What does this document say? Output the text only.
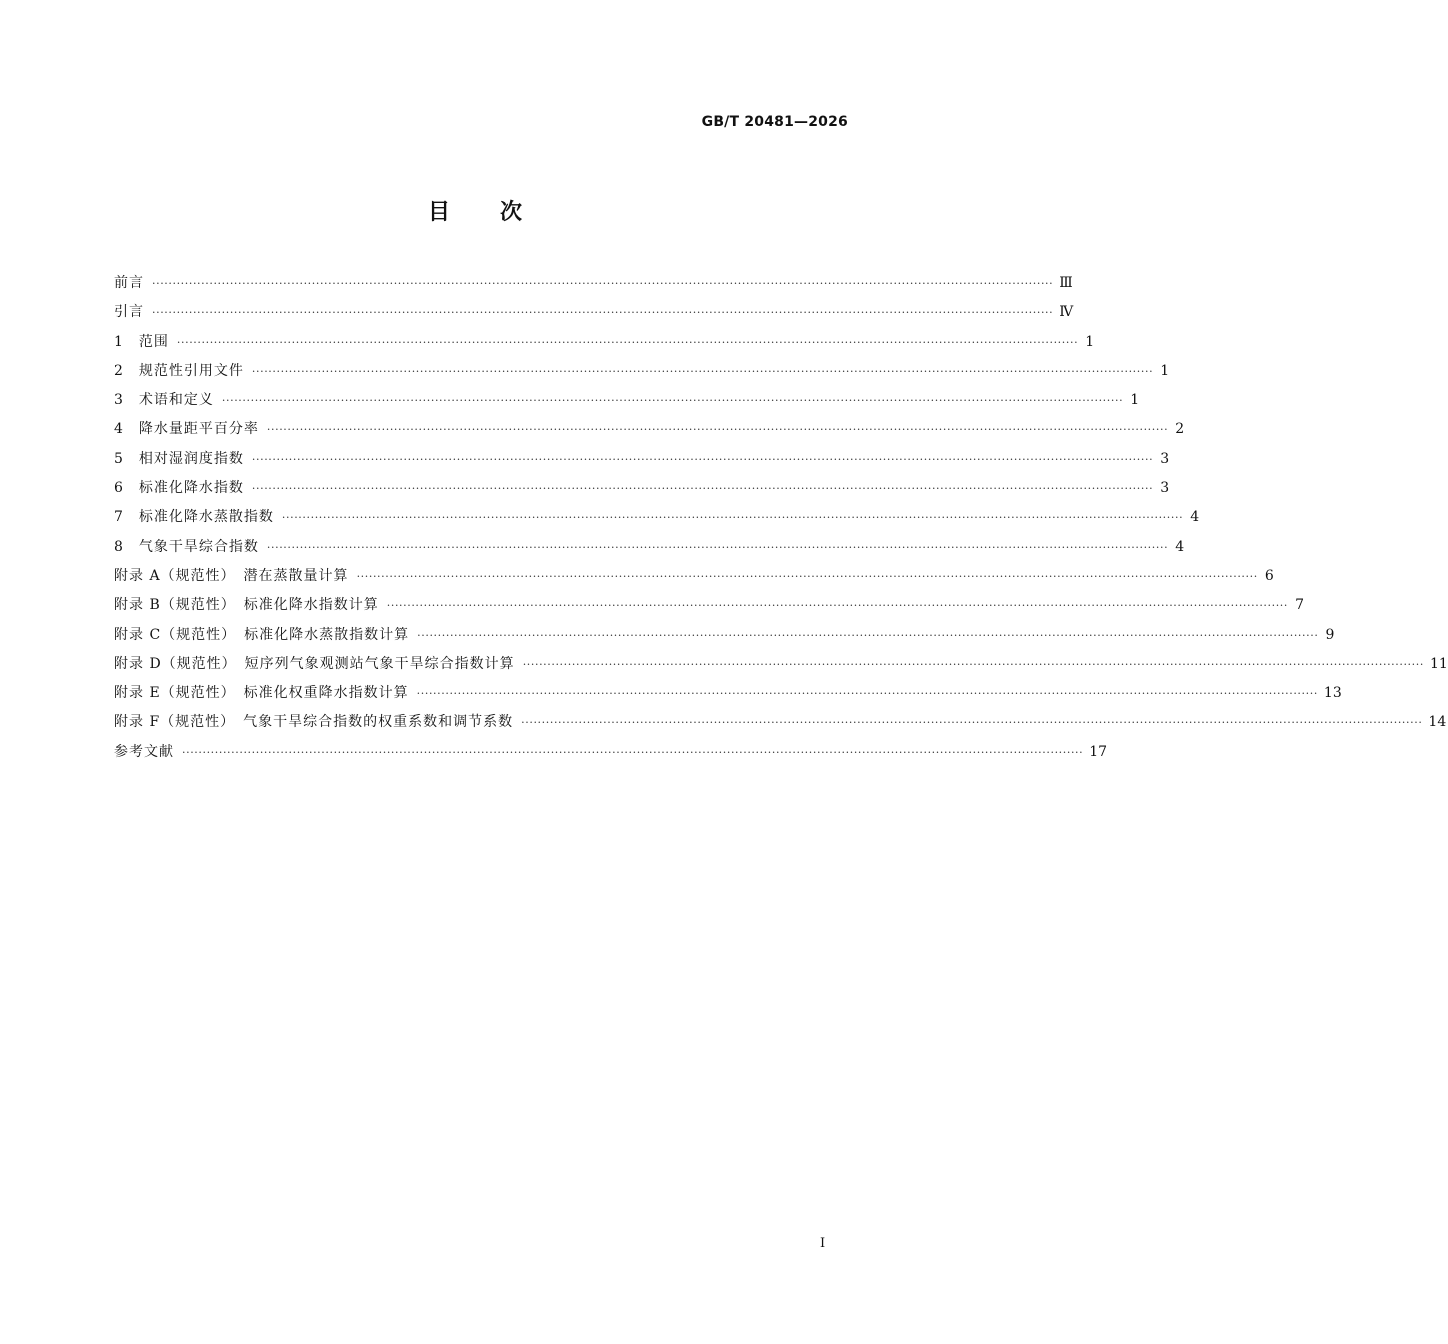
GB/T 20481—2026
目次
前言 ···························································································································································································································· Ⅲ
引言 ···························································································································································································································· Ⅳ
1　范围 ···························································································································································································································· 1
2　规范性引用文件 ···························································································································································································································· 1
3　术语和定义 ···························································································································································································································· 1
4　降水量距平百分率 ···························································································································································································································· 2
5　相对湿润度指数 ···························································································································································································································· 3
6　标准化降水指数 ···························································································································································································································· 3
7　标准化降水蒸散指数 ···························································································································································································································· 4
8　气象干旱综合指数 ···························································································································································································································· 4
附录 A（规范性）　潜在蒸散量计算 ···························································································································································································································· 6
附录 B（规范性）　标准化降水指数计算 ···························································································································································································································· 7
附录 C（规范性）　标准化降水蒸散指数计算 ···························································································································································································································· 9
附录 D（规范性）　短序列气象观测站气象干旱综合指数计算 ···························································································································································································································· 11
附录 E（规范性）　标准化权重降水指数计算 ···························································································································································································································· 13
附录 F（规范性）　气象干旱综合指数的权重系数和调节系数 ···························································································································································································································· 14
参考文献 ···························································································································································································································· 17
I
